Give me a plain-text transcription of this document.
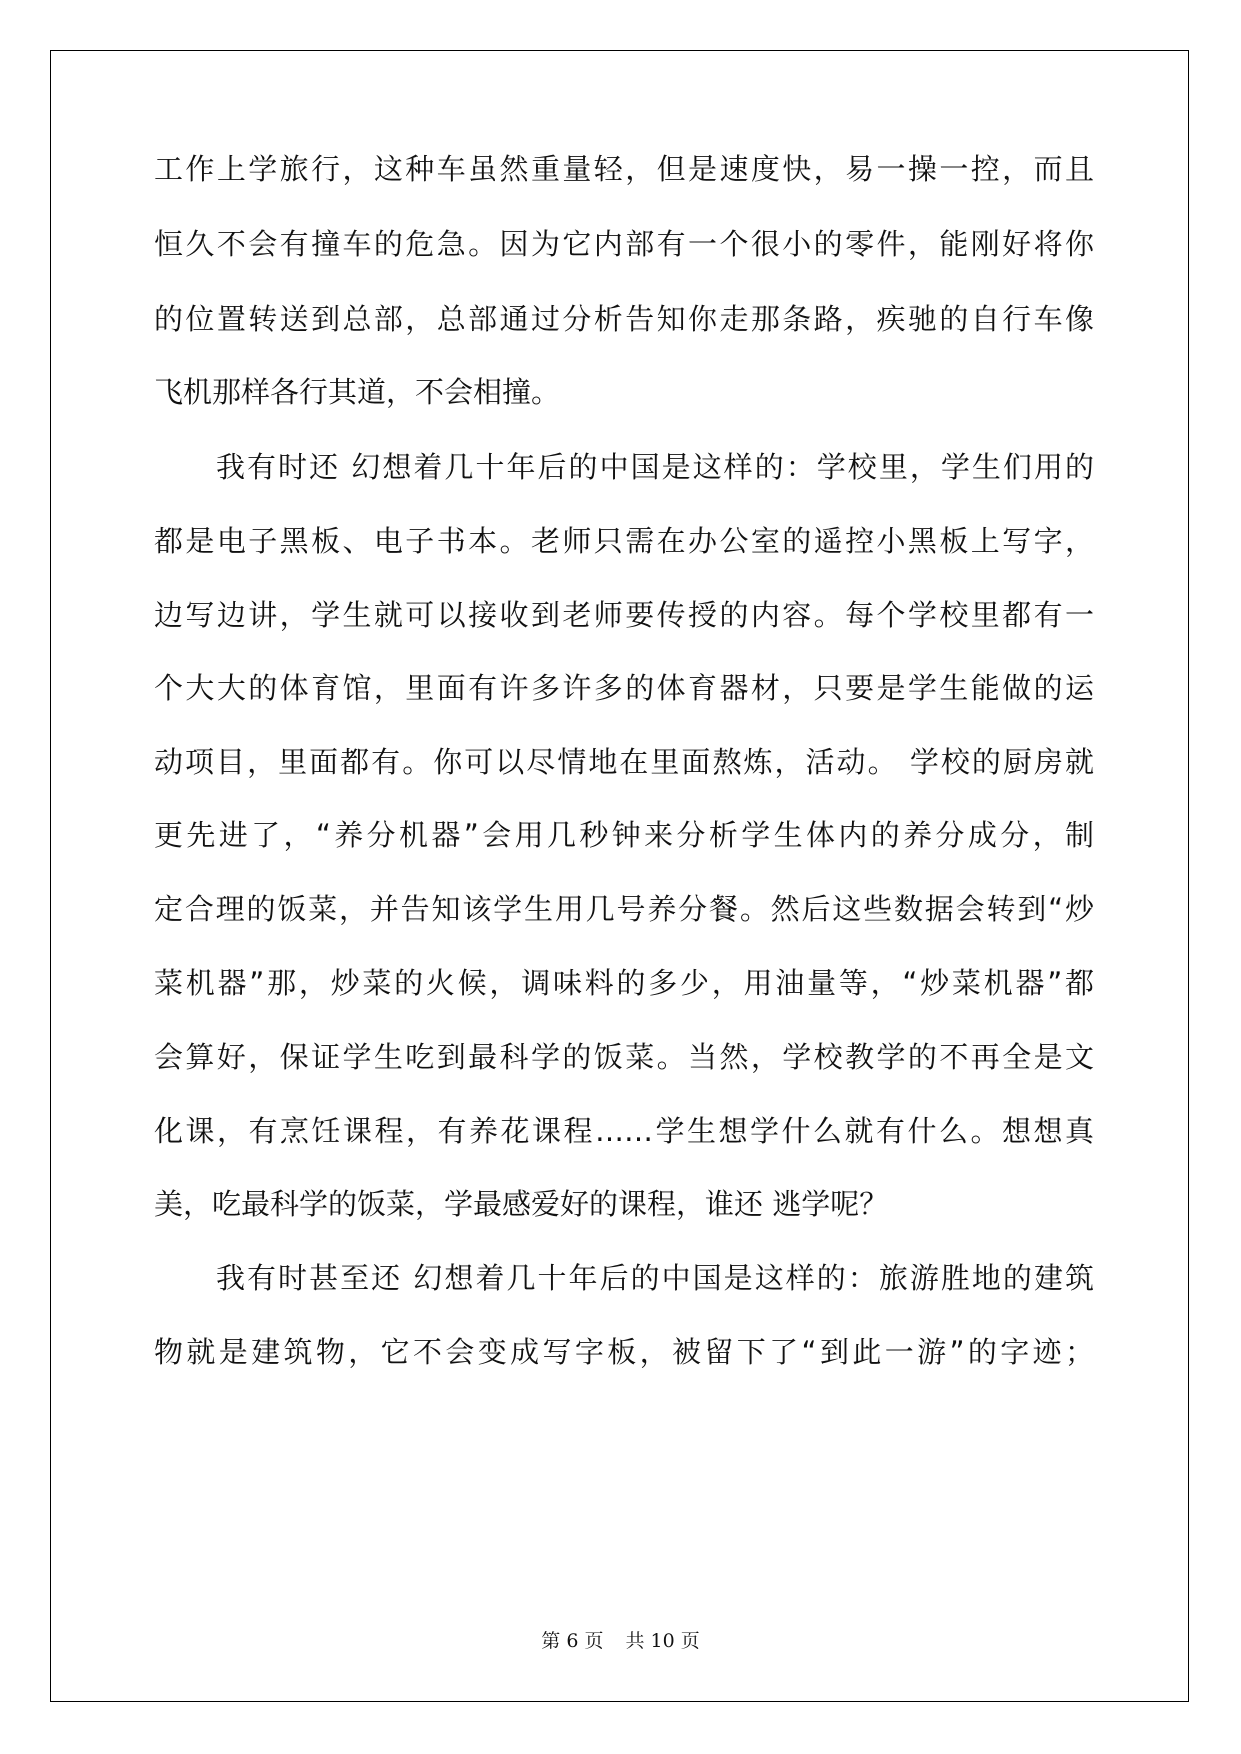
工作上学旅行，这种车虽然重量轻，但是速度快，易一操一控，而且
恒久不会有撞车的危急。因为它内部有一个很小的零件，能刚好将你
的位置转送到总部，总部通过分析告知你走那条路，疾驰的自行车像
飞机那样各行其道，不会相撞。
我有时还 幻想着几十年后的中国是这样的：学校里，学生们用的
都是电子黑板、电子书本。老师只需在办公室的遥控小黑板上写字，
边写边讲，学生就可以接收到老师要传授的内容。每个学校里都有一
个大大的体育馆，里面有许多许多的体育器材，只要是学生能做的运
动项目，里面都有。你可以尽情地在里面熬炼，活动。 学校的厨房就
更先进了，“养分机器”会用几秒钟来分析学生体内的养分成分，制
定合理的饭菜，并告知该学生用几号养分餐。然后这些数据会转到“炒
菜机器”那，炒菜的火候，调味料的多少，用油量等，“炒菜机器”都
会算好，保证学生吃到最科学的饭菜。当然，学校教学的不再全是文
化课，有烹饪课程，有养花课程……学生想学什么就有什么。想想真
美，吃最科学的饭菜，学最感爱好的课程，谁还 逃学呢？
我有时甚至还 幻想着几十年后的中国是这样的：旅游胜地的建筑
物就是建筑物，它不会变成写字板，被留下了“到此一游”的字迹；
第 6 页 共 10 页
